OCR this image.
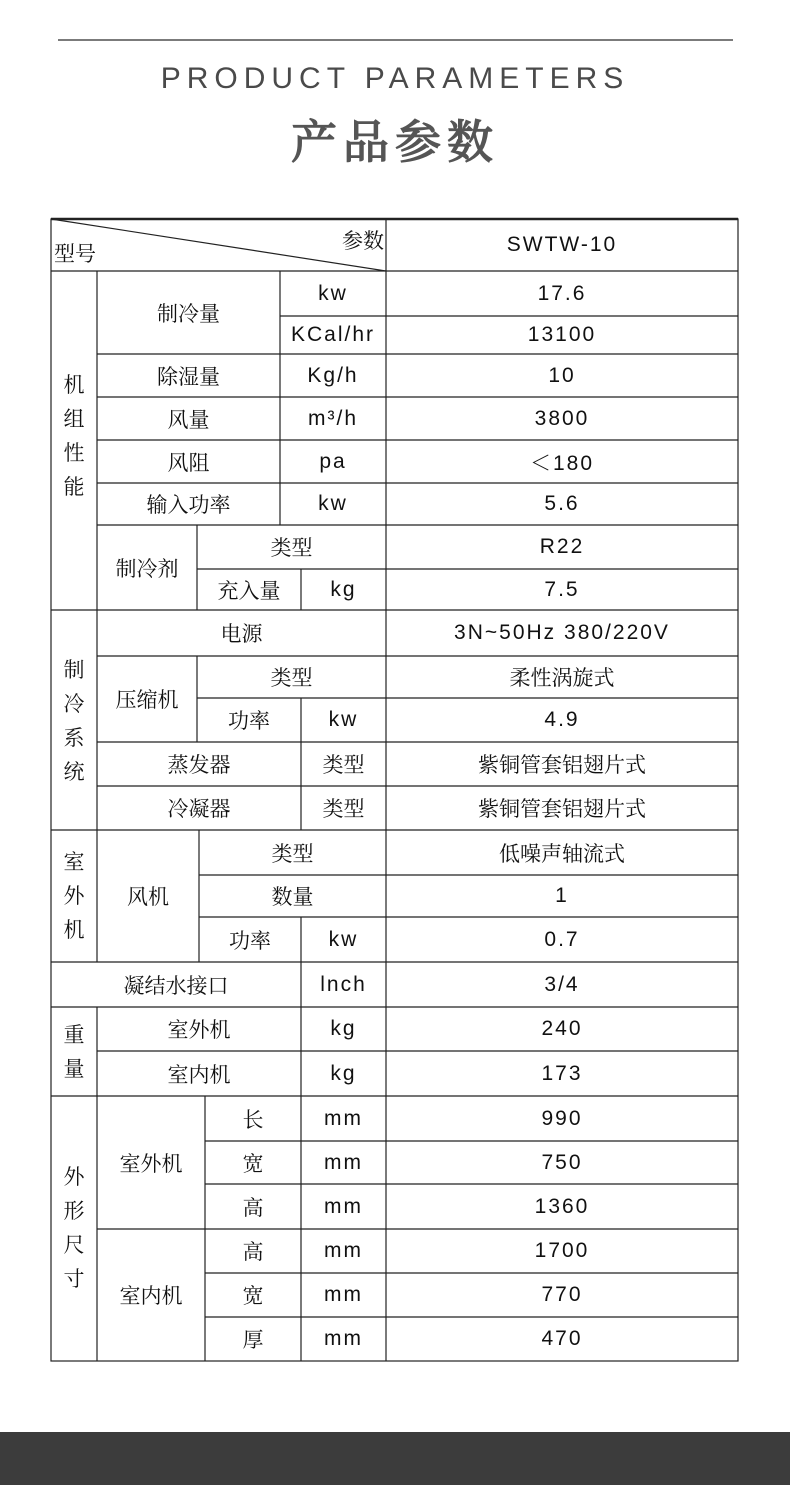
PRODUCT PARAMETERS
产品参数
型号
参数	SWTW-10
机
组
性
能
制冷量
kw	17.6
KCal/hr	13100
除湿量	Kg/h	10
风量	m³/h	3800
风阻	pa	＜180
输入功率	kw	5.6
制冷剂
类型	R22
充入量	kg	7.5
制
冷
系
统
电源	3N~50Hz 380/220V
压缩机
类型	柔性涡旋式
功率	kw	4.9
蒸发器	类型	紫铜管套铝翅片式
冷凝器	类型	紫铜管套铝翅片式
室
外
机
风机
类型	低噪声轴流式
数量	1
功率	kw	0.7
凝结水接口	lnch	3/4
重
量
室外机	kg	240
室内机	kg	173
外
形
尺
寸
室外机
长	mm	990
宽	mm	750
高	mm	1360
室内机
高	mm	1700
宽	mm	770
厚	mm	470
